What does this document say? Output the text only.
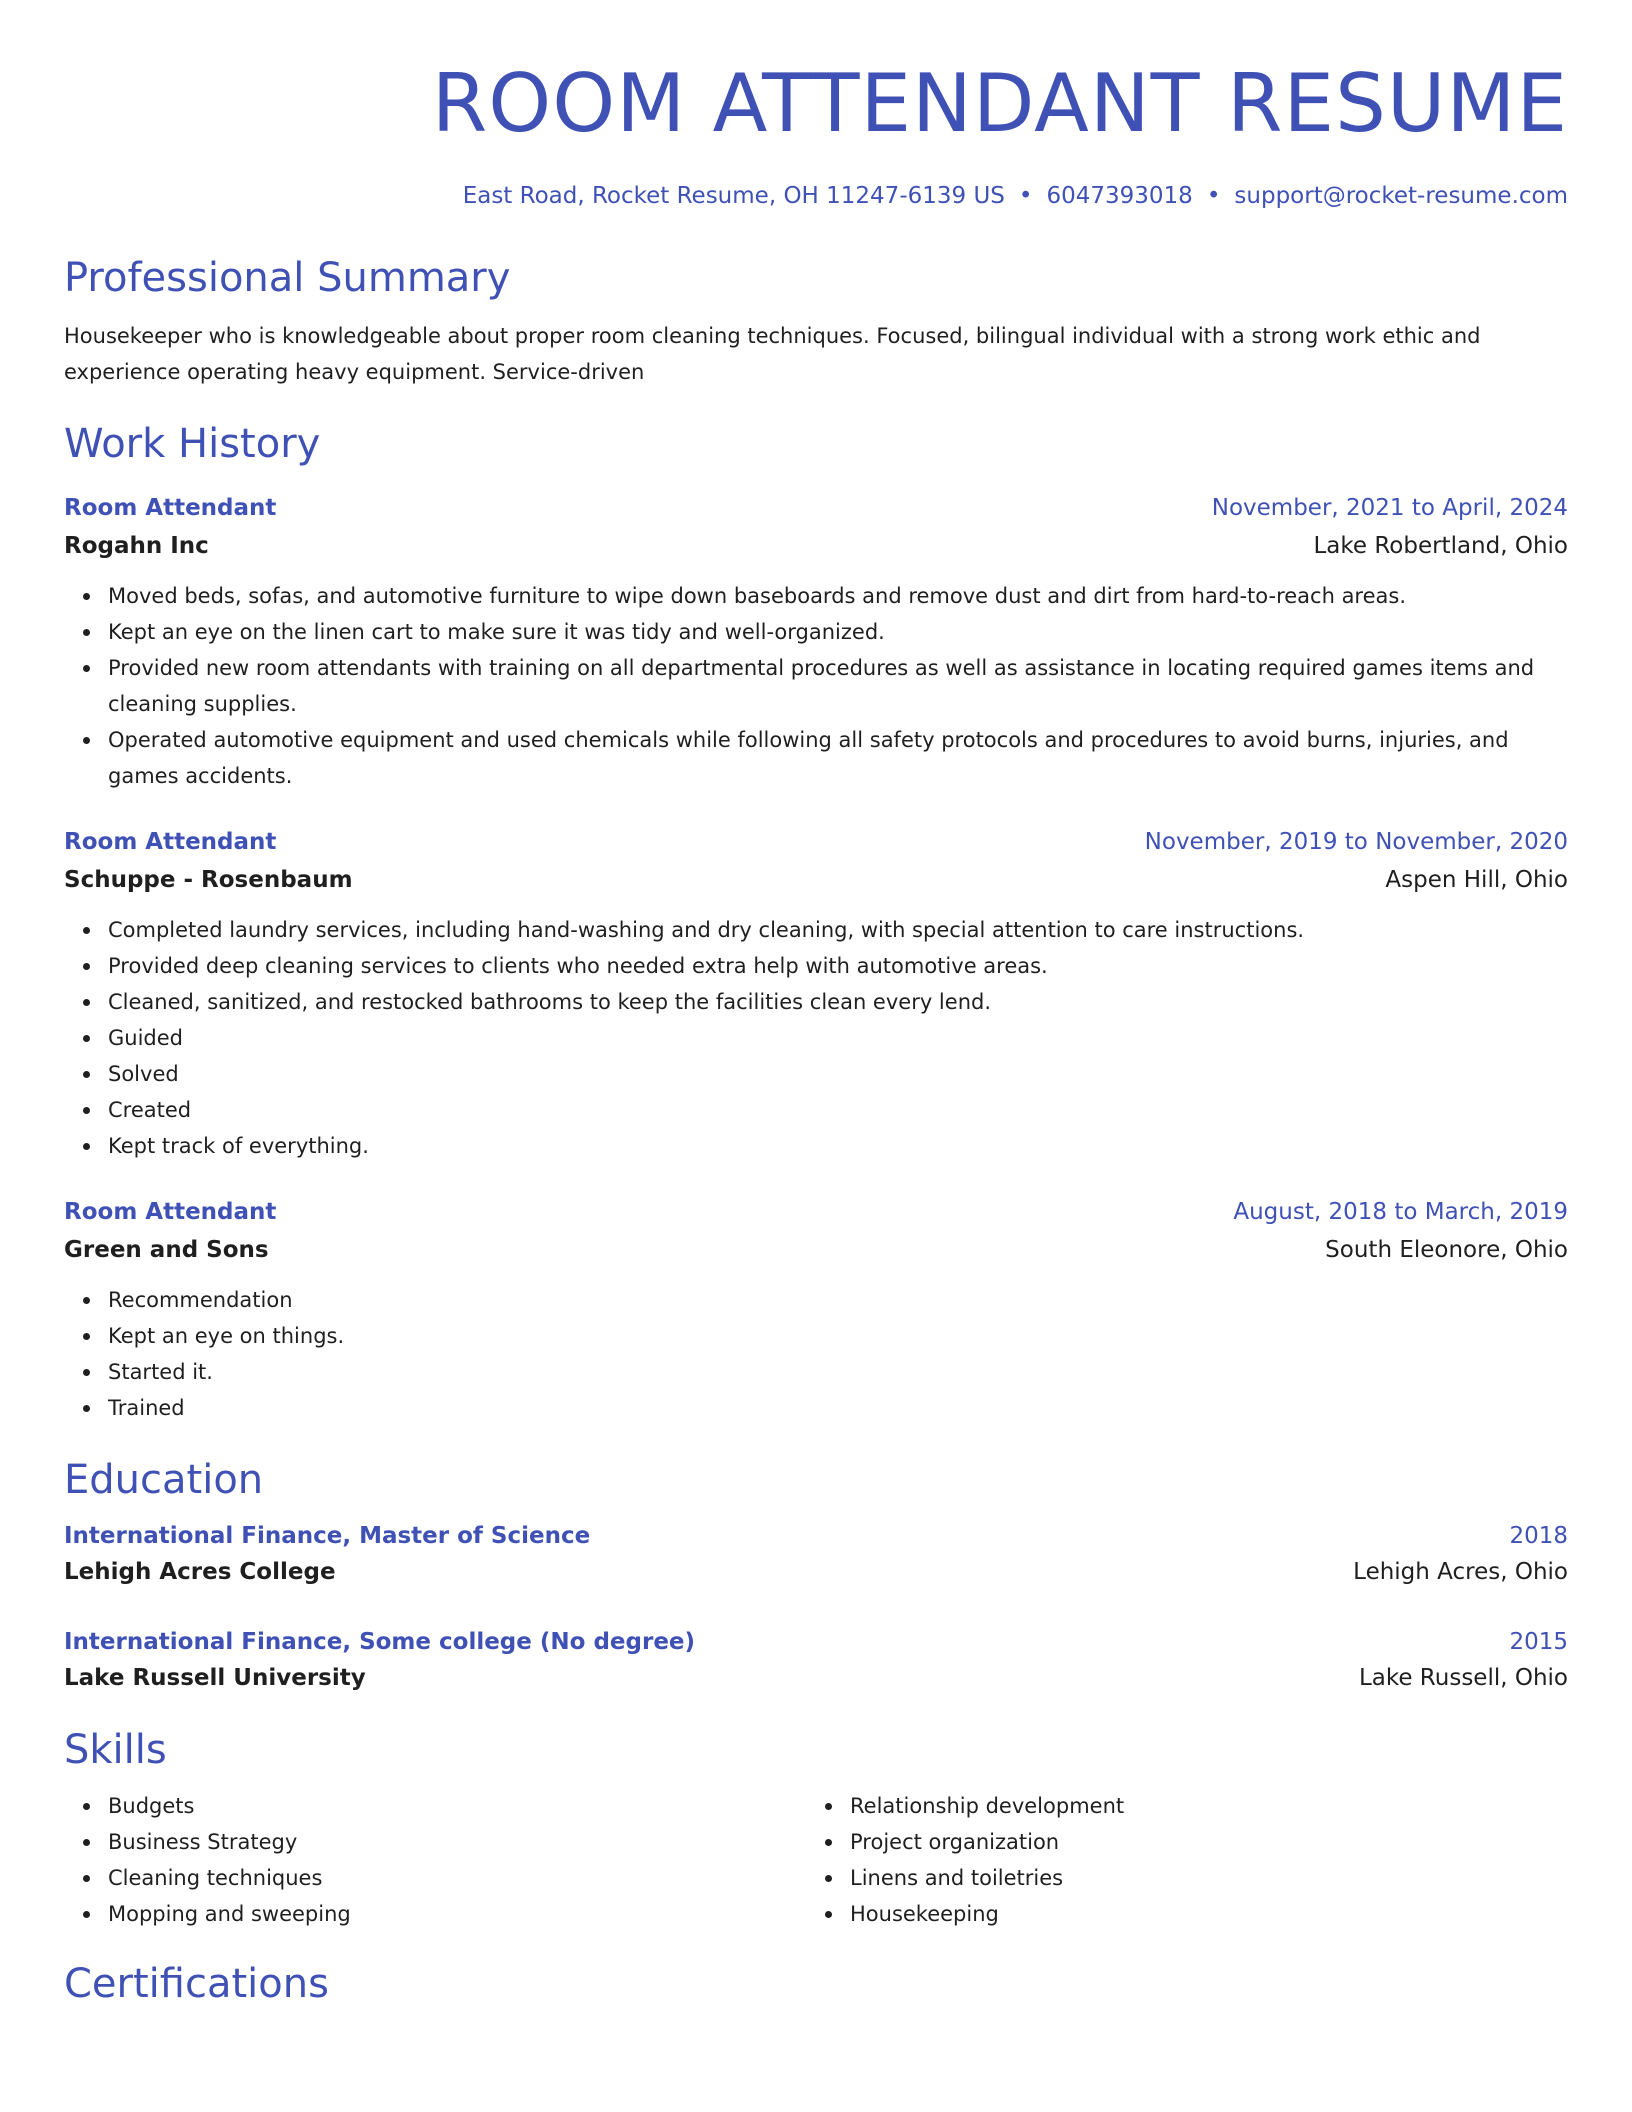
ROOM ATTENDANT RESUME
East Road, Rocket Resume, OH 11247-6139 US • 6047393018 • support@rocket-resume.com
Professional Summary
Housekeeper who is knowledgeable about proper room cleaning techniques. Focused, bilingual individual with a strong work ethic and experience operating heavy equipment. Service-driven
Work History
Room Attendant	November, 2021 to April, 2024
Rogahn Inc	Lake Robertland, Ohio
Moved beds, sofas, and automotive furniture to wipe down baseboards and remove dust and dirt from hard-to-reach areas.
Kept an eye on the linen cart to make sure it was tidy and well-organized.
Provided new room attendants with training on all departmental procedures as well as assistance in locating required games items and cleaning supplies.
Operated automotive equipment and used chemicals while following all safety protocols and procedures to avoid burns, injuries, and games accidents.
Room Attendant	November, 2019 to November, 2020
Schuppe - Rosenbaum	Aspen Hill, Ohio
Completed laundry services, including hand-washing and dry cleaning, with special attention to care instructions.
Provided deep cleaning services to clients who needed extra help with automotive areas.
Cleaned, sanitized, and restocked bathrooms to keep the facilities clean every lend.
Guided
Solved
Created
Kept track of everything.
Room Attendant	August, 2018 to March, 2019
Green and Sons	South Eleonore, Ohio
Recommendation
Kept an eye on things.
Started it.
Trained
Education
International Finance, Master of Science	2018
Lehigh Acres College	Lehigh Acres, Ohio
International Finance, Some college (No degree)	2015
Lake Russell University	Lake Russell, Ohio
Skills
Budgets
Business Strategy
Cleaning techniques
Mopping and sweeping
Relationship development
Project organization
Linens and toiletries
Housekeeping
Certifications
